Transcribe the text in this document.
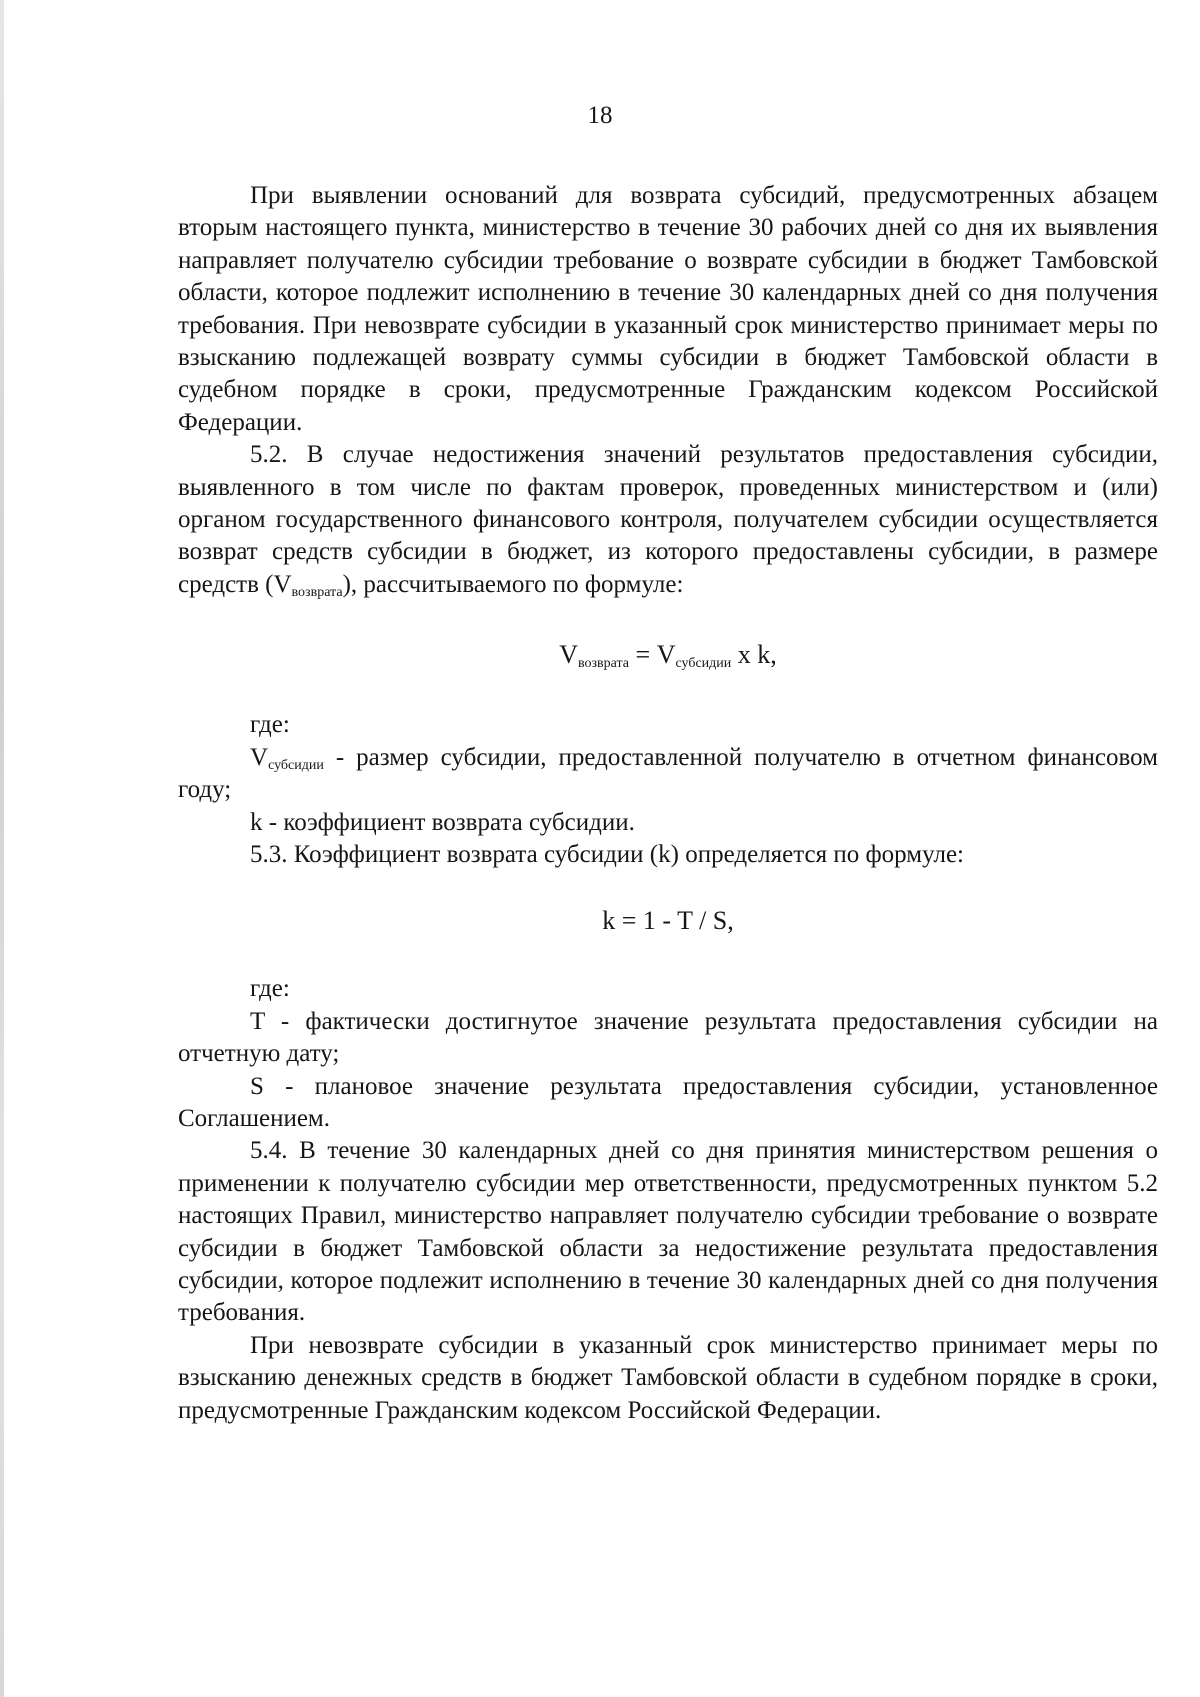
18

При выявлении оснований для возврата субсидий, предусмотренных абзацем вторым настоящего пункта, министерство в течение 30 рабочих дней со дня их выявления направляет получателю субсидии требование о возврате субсидии в бюджет Тамбовской области, которое подлежит исполнению в течение 30 календарных дней со дня получения требования. При невозврате субсидии в указанный срок министерство принимает меры по взысканию подлежащей возврату суммы субсидии в бюджет Тамбовской области в судебном порядке в сроки, предусмотренные Гражданским кодексом Российской Федерации.

5.2. В случае недостижения значений результатов предоставления субсидии, выявленного в том числе по фактам проверок, проведенных министерством и (или) органом государственного финансового контроля, получателем субсидии осуществляется возврат средств субсидии в бюджет, из которого предоставлены субсидии, в размере средств (Vвозврата), рассчитываемого по формуле:

$V_{возврата} = V_{субсидии}$ x k,

где:

Vсубсидии - размер субсидии, предоставленной получателю в отчетном финансовом году;

k - коэффициент возврата субсидии.

5.3. Коэффициент возврата субсидии (k) определяется по формуле:

k = 1 - T / S,

где:

T - фактически достигнутое значение результата предоставления субсидии на отчетную дату;

S - плановое значение результата предоставления субсидии, установленное Соглашением.

5.4. В течение 30 календарных дней со дня принятия министерством решения о применении к получателю субсидии мер ответственности, предусмотренных пунктом 5.2 настоящих Правил, министерство направляет получателю субсидии требование о возврате субсидии в бюджет Тамбовской области за недостижение результата предоставления субсидии, которое подлежит исполнению в течение 30 календарных дней со дня получения требования.

При невозврате субсидии в указанный срок министерство принимает меры по взысканию денежных средств в бюджет Тамбовской области в судебном порядке в сроки, предусмотренные Гражданским кодексом Российской Федерации.
